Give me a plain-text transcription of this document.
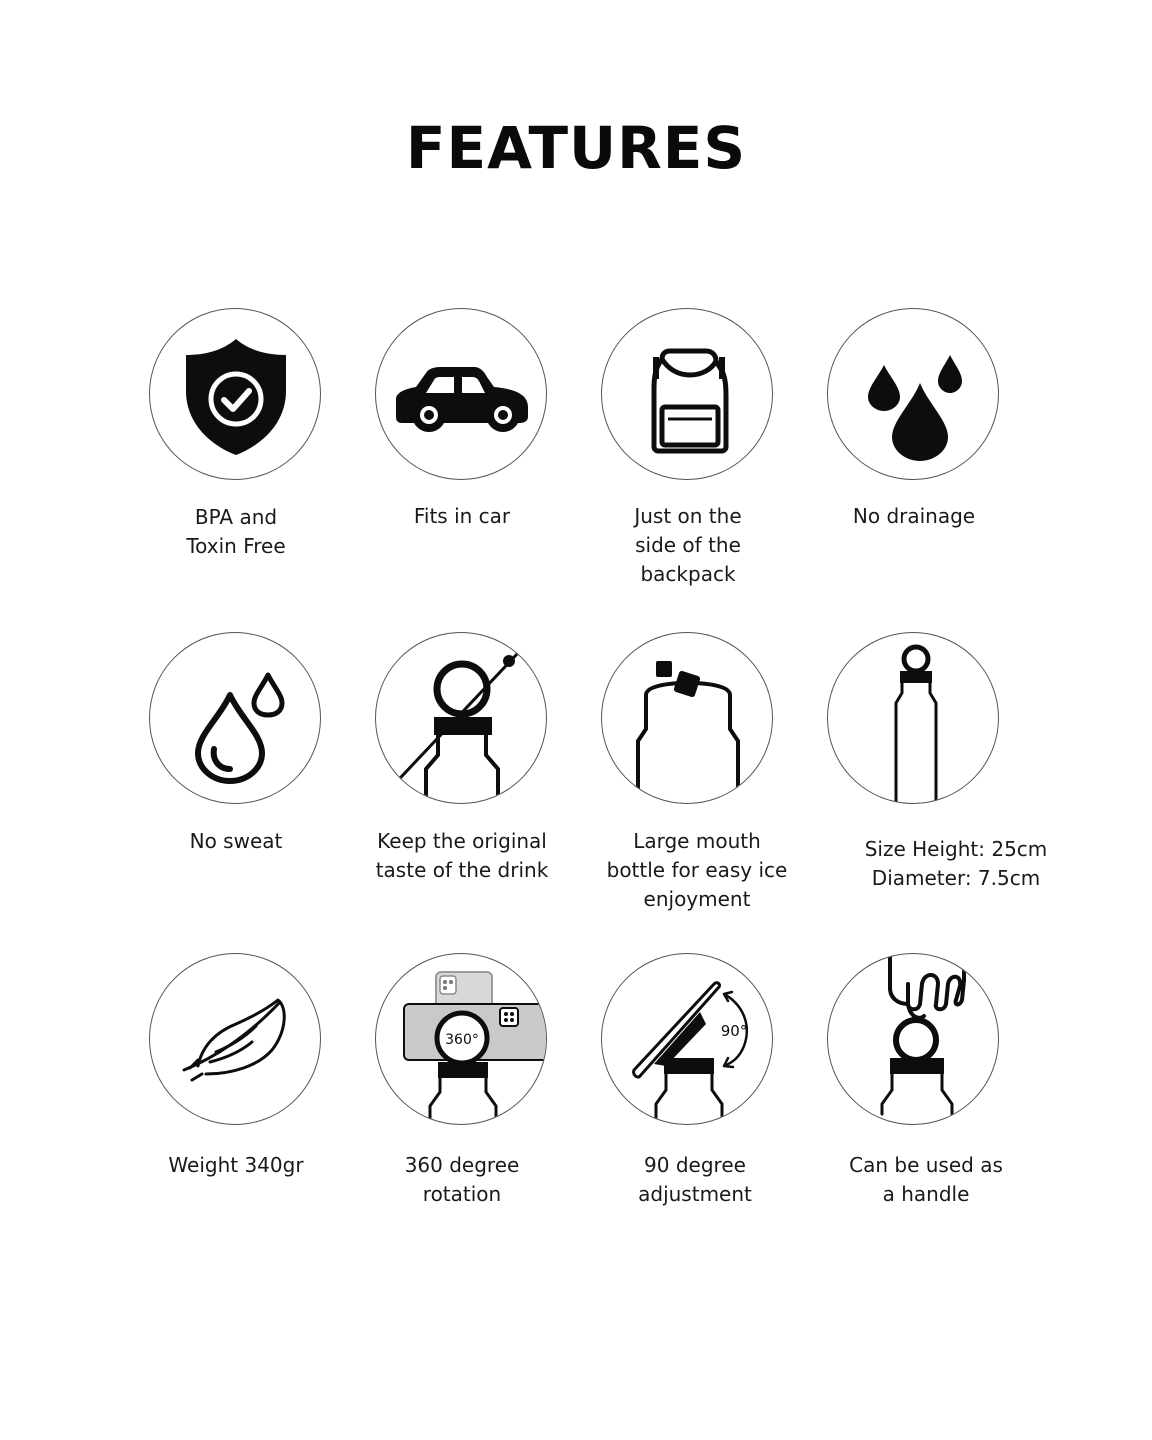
FEATURES
BPA and
Toxin Free
Fits in car	Just on the
side of the
backpack
No drainage
No sweat	Keep the original
taste of the drink
Large mouth
bottle for easy ice
enjoyment
Size Height: 25cm
Diameter: 7.5cm
360°	90°
Weight 340gr	360 degree
rotation
90 degree
adjustment
Can be used as
a handle
